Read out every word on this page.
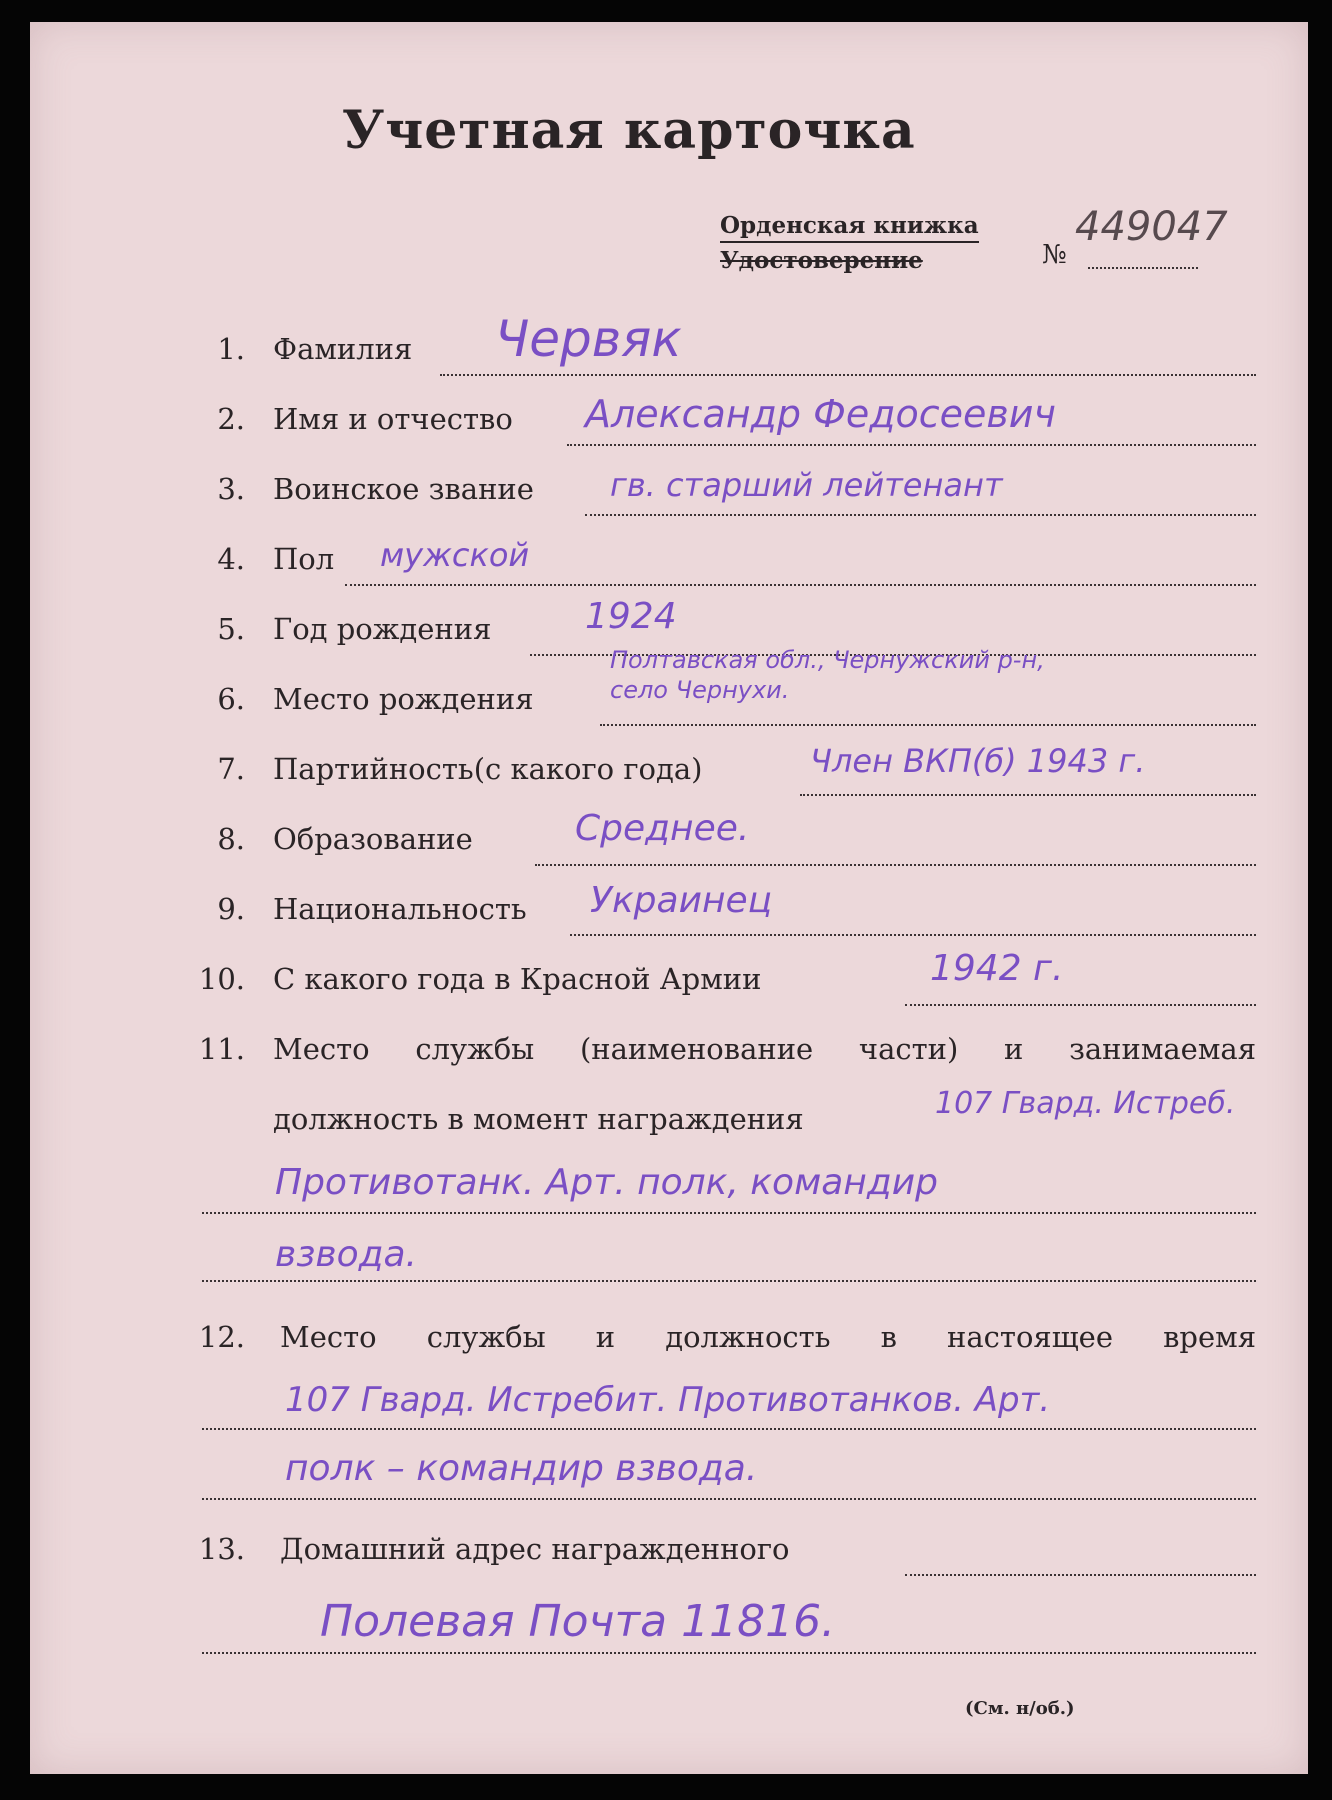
Учетная карточка
Орденская книжка
Удостоверение	№
449047
1. Фамилия Червяк
2. Имя и отчество Александр Федосеевич
3. Воинское звание гв. старший лейтенант
4. Пол мужской
5. Год рождения	1924
6. Место рождения
Полтавская обл., Чернужский р-н,
село Чернухи.
7. Партийность(с какого года)	Член ВКП(б) 1943 г.
8. Образование	Среднее.
9. Национальность Украинец
10. С какого года в Красной Армии	1942 г.
11. Место службы (наименование части) и занимаемая
должность в момент награждения	107 Гвард. Истреб.
Противотанк. Арт. полк, командир
взвода.
12. Место службы и должность в настоящее время
107 Гвард. Истребит. Противотанков. Арт.
полк – командир взвода.
13. Домашний адрес награжденного
Полевая Почта 11816.
(См. н/об.)
